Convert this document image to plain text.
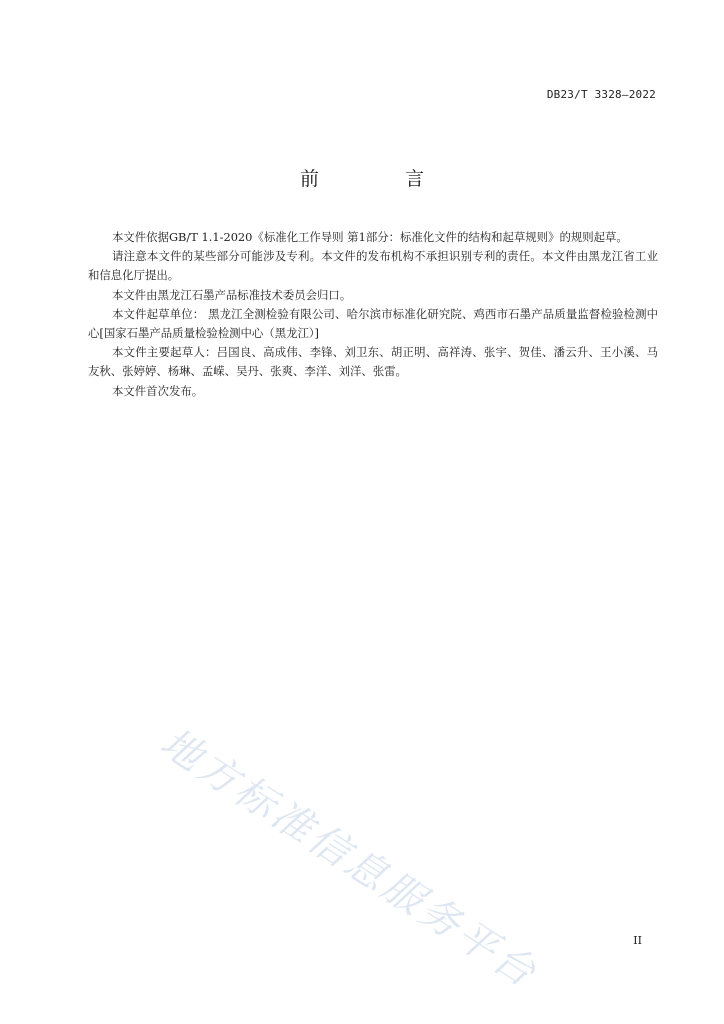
DB23/T 3328—2022
前 言

本文件依据GB/T 1.1-2020《标准化工作导则 第1部分：标准化文件的结构和起草规则》的规则起草。

请注意本文件的某些部分可能涉及专利。本文件的发布机构不承担识别专利的责任。本文件由黑龙江省工业和信息化厅提出。

本文件由黑龙江石墨产品标准技术委员会归口。

本文件起草单位： 黑龙江全测检验有限公司、哈尔滨市标准化研究院、鸡西市石墨产品质量监督检验检测中心[国家石墨产品质量检验检测中心（黑龙江）]

本文件主要起草人：吕国良、高成伟、李锋、刘卫东、胡正明、高祥涛、张宇、贺佳、潘云升、王小溪、马友秋、张婷婷、杨琳、孟嵘、吴丹、张爽、李洋、刘洋、张雷。

本文件首次发布。

地方标准信息服务平台	II
